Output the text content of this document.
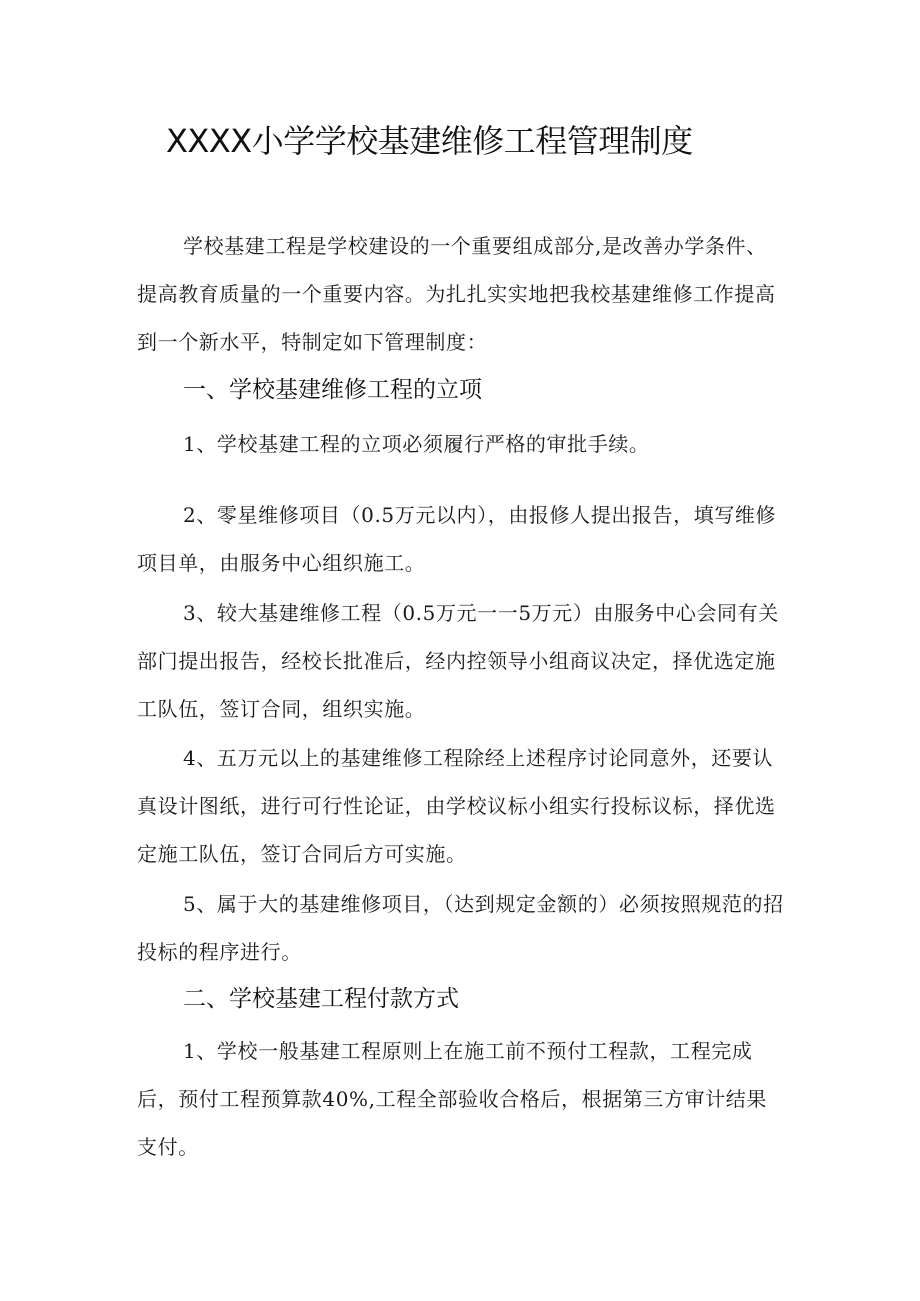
XXXX小学学校基建维修工程管理制度

学校基建工程是学校建设的一个重要组成部分,是改善办学条件、提高教育质量的一个重要内容。为扎扎实实地把我校基建维修工作提高到一个新水平，特制定如下管理制度：

一、学校基建维修工程的立项

1、学校基建工程的立项必须履行严格的审批手续。

2、零星维修项目（0.5万元以内），由报修人提出报告，填写维修项目单，由服务中心组织施工。

3、较大基建维修工程（0.5万元一一5万元）由服务中心会同有关部门提出报告，经校长批准后，经内控领导小组商议决定，择优选定施工队伍，签订合同，组织实施。

4、五万元以上的基建维修工程除经上述程序讨论同意外，还要认真设计图纸，进行可行性论证，由学校议标小组实行投标议标，择优选定施工队伍，签订合同后方可实施。

5、属于大的基建维修项目，（达到规定金额的）必须按照规范的招投标的程序进行。

二、学校基建工程付款方式

1、学校一般基建工程原则上在施工前不预付工程款，工程完成后，预付工程预算款40%,工程全部验收合格后，根据第三方审计结果支付。
